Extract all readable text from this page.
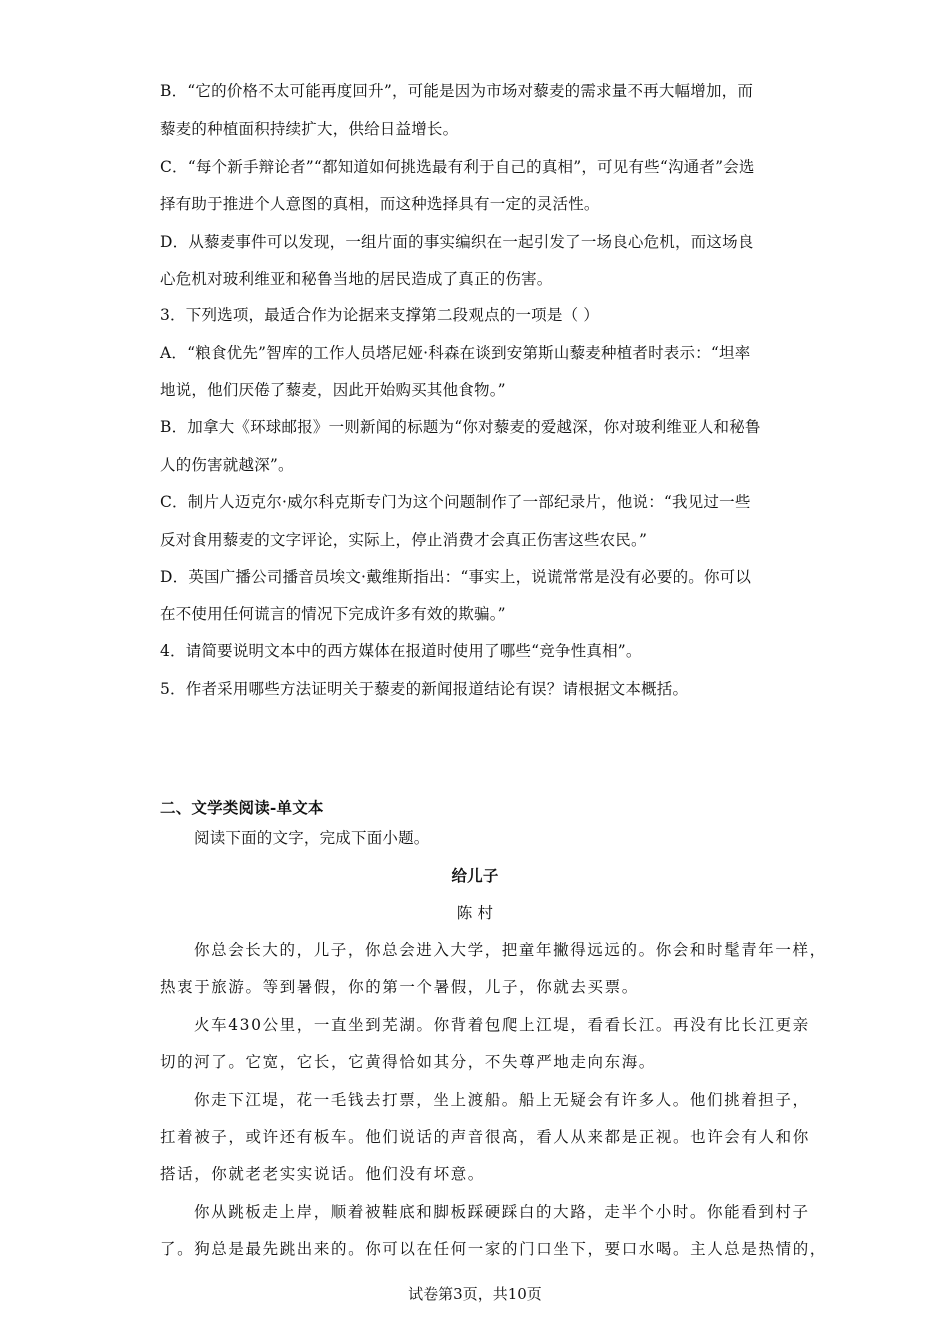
B．“它的价格不太可能再度回升”，可能是因为市场对藜麦的需求量不再大幅增加，而
藜麦的种植面积持续扩大，供给日益增长。
C．“每个新手辩论者”“都知道如何挑选最有利于自己的真相”，可见有些“沟通者”会选
择有助于推进个人意图的真相，而这种选择具有一定的灵活性。
D．从藜麦事件可以发现，一组片面的事实编织在一起引发了一场良心危机，而这场良
心危机对玻利维亚和秘鲁当地的居民造成了真正的伤害。
3．下列选项，最适合作为论据来支撑第二段观点的一项是（ ）
A．“粮食优先”智库的工作人员塔尼娅·科森在谈到安第斯山藜麦种植者时表示：“坦率
地说，他们厌倦了藜麦，因此开始购买其他食物。”
B．加拿大《环球邮报》一则新闻的标题为“你对藜麦的爱越深，你对玻利维亚人和秘鲁
人的伤害就越深”。
C．制片人迈克尔·威尔科克斯专门为这个问题制作了一部纪录片，他说：“我见过一些
反对食用藜麦的文字评论，实际上，停止消费才会真正伤害这些农民。”
D．英国广播公司播音员埃文·戴维斯指出：“事实上，说谎常常是没有必要的。你可以
在不使用任何谎言的情况下完成许多有效的欺骗。”
4．请简要说明文本中的西方媒体在报道时使用了哪些“竞争性真相”。
5．作者采用哪些方法证明关于藜麦的新闻报道结论有误？请根据文本概括。
二、文学类阅读-单文本
阅读下面的文字，完成下面小题。
给儿子
陈 村
你总会长大的，儿子，你总会进入大学，把童年撇得远远的。你会和时髦青年一样，
热衷于旅游。等到暑假，你的第一个暑假，儿子，你就去买票。
火车430公里，一直坐到芜湖。你背着包爬上江堤，看看长江。再没有比长江更亲
切的河了。它宽，它长，它黄得恰如其分，不失尊严地走向东海。
你走下江堤，花一毛钱去打票，坐上渡船。船上无疑会有许多人。他们挑着担子，
扛着被子，或许还有板车。他们说话的声音很高，看人从来都是正视。也许会有人和你
搭话，你就老老实实说话。他们没有坏意。
你从跳板走上岸，顺着被鞋底和脚板踩硬踩白的大路，走半个小时。你能看到村子
了。狗总是最先跳出来的。你可以在任何一家的门口坐下，要口水喝。主人总是热情的，
试卷第3页，共10页
